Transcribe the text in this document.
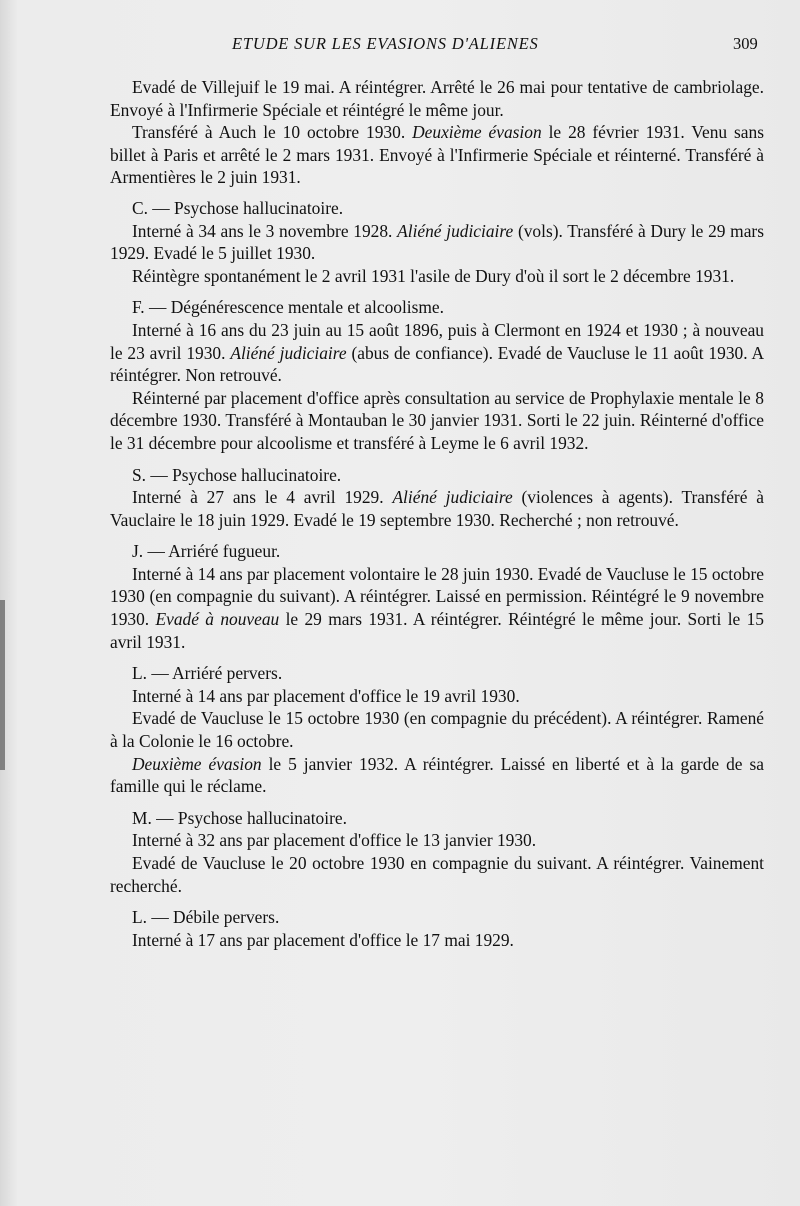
ETUDE SUR LES EVASIONS D'ALIENES	309

Evadé de Villejuif le 19 mai. A réintégrer. Arrêté le 26 mai pour tentative de cambriolage. Envoyé à l'Infirmerie Spéciale et réintégré le même jour.

Transféré à Auch le 10 octobre 1930. Deuxième évasion le 28 février 1931. Venu sans billet à Paris et arrêté le 2 mars 1931. Envoyé à l'Infirmerie Spéciale et réinterné. Transféré à Armentières le 2 juin 1931.

C. — Psychose hallucinatoire.

Interné à 34 ans le 3 novembre 1928. Aliéné judiciaire (vols). Transféré à Dury le 29 mars 1929. Evadé le 5 juillet 1930.

Réintègre spontanément le 2 avril 1931 l'asile de Dury d'où il sort le 2 décembre 1931.

F. — Dégénérescence mentale et alcoolisme.

Interné à 16 ans du 23 juin au 15 août 1896, puis à Clermont en 1924 et 1930 ; à nouveau le 23 avril 1930. Aliéné judiciaire (abus de confiance). Evadé de Vaucluse le 11 août 1930. A réintégrer. Non retrouvé.

Réinterné par placement d'office après consultation au service de Prophylaxie mentale le 8 décembre 1930. Transféré à Montauban le 30 janvier 1931. Sorti le 22 juin. Réinterné d'office le 31 décembre pour alcoolisme et transféré à Leyme le 6 avril 1932.

S. — Psychose hallucinatoire.

Interné à 27 ans le 4 avril 1929. Aliéné judiciaire (violences à agents). Transféré à Vauclaire le 18 juin 1929. Evadé le 19 septembre 1930. Recherché ; non retrouvé.

J. — Arriéré fugueur.

Interné à 14 ans par placement volontaire le 28 juin 1930. Evadé de Vaucluse le 15 octobre 1930 (en compagnie du suivant). A réintégrer. Laissé en permission. Réintégré le 9 novembre 1930. Evadé à nouveau le 29 mars 1931. A réintégrer. Réintégré le même jour. Sorti le 15 avril 1931.

L. — Arriéré pervers.

Interné à 14 ans par placement d'office le 19 avril 1930.

Evadé de Vaucluse le 15 octobre 1930 (en compagnie du précédent). A réintégrer. Ramené à la Colonie le 16 octobre.

Deuxième évasion le 5 janvier 1932. A réintégrer. Laissé en liberté et à la garde de sa famille qui le réclame.

M. — Psychose hallucinatoire.

Interné à 32 ans par placement d'office le 13 janvier 1930.

Evadé de Vaucluse le 20 octobre 1930 en compagnie du suivant. A réintégrer. Vainement recherché.

L. — Débile pervers.

Interné à 17 ans par placement d'office le 17 mai 1929.
